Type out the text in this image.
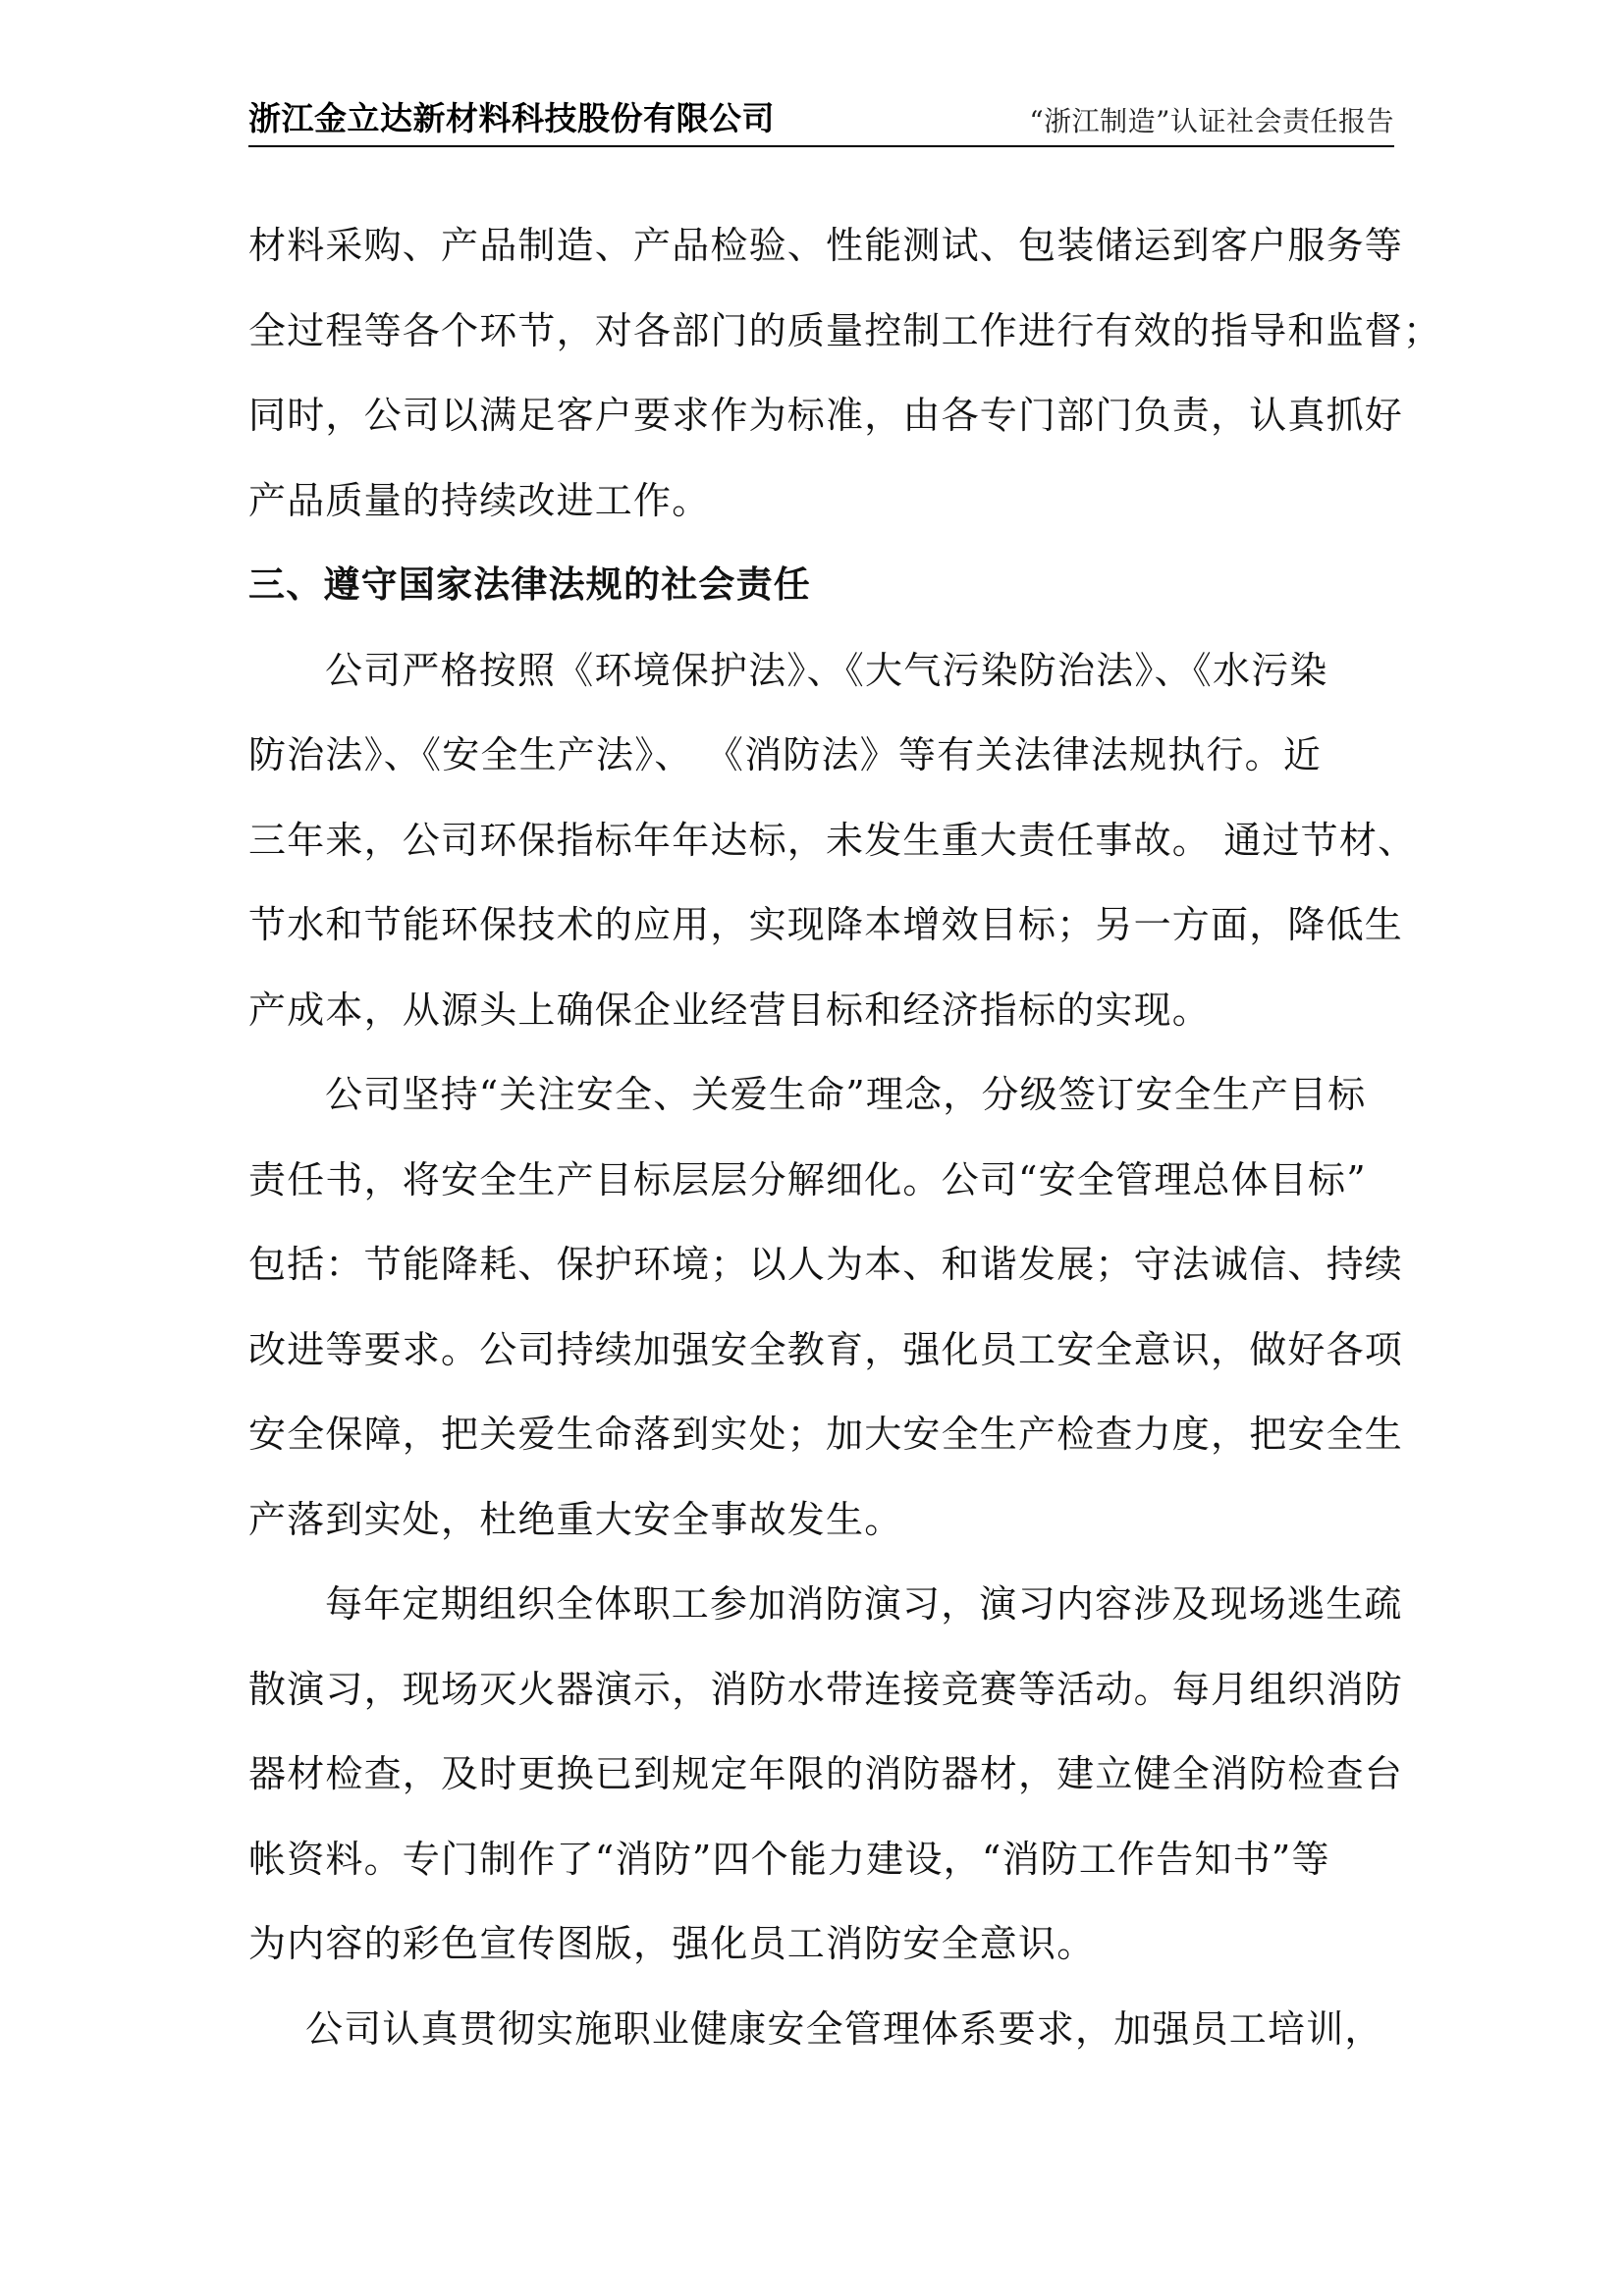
浙江金立达新材料科技股份有限公司	“浙江制造”认证社会责任报告
材料采购、产品制造、产品检验、性能测试、包装储运到客户服务等
全过程等各个环节，对各部门的质量控制工作进行有效的指导和监督；
同时，公司以满足客户要求作为标准，由各专门部门负责，认真抓好
产品质量的持续改进工作。
三、遵守国家法律法规的社会责任
公司严格按照《环境保护法》、《大气污染防治法》、《水污染
防治法》、《安全生产法》、 《消防法》等有关法律法规执行。近
三年来，公司环保指标年年达标，未发生重大责任事故。 通过节材、
节水和节能环保技术的应用，实现降本增效目标；另一方面，降低生
产成本，从源头上确保企业经营目标和经济指标的实现。
公司坚持“关注安全、关爱生命”理念，分级签订安全生产目标
责任书，将安全生产目标层层分解细化。公司“安全管理总体目标”
包括：节能降耗、保护环境；以人为本、和谐发展；守法诚信、持续
改进等要求。公司持续加强安全教育，强化员工安全意识，做好各项
安全保障，把关爱生命落到实处；加大安全生产检查力度，把安全生
产落到实处，杜绝重大安全事故发生。
每年定期组织全体职工参加消防演习，演习内容涉及现场逃生疏
散演习，现场灭火器演示，消防水带连接竞赛等活动。每月组织消防
器材检查，及时更换已到规定年限的消防器材，建立健全消防检查台
帐资料。专门制作了“消防”四个能力建设，“消防工作告知书”等
为内容的彩色宣传图版，强化员工消防安全意识。
公司认真贯彻实施职业健康安全管理体系要求，加强员工培训，
